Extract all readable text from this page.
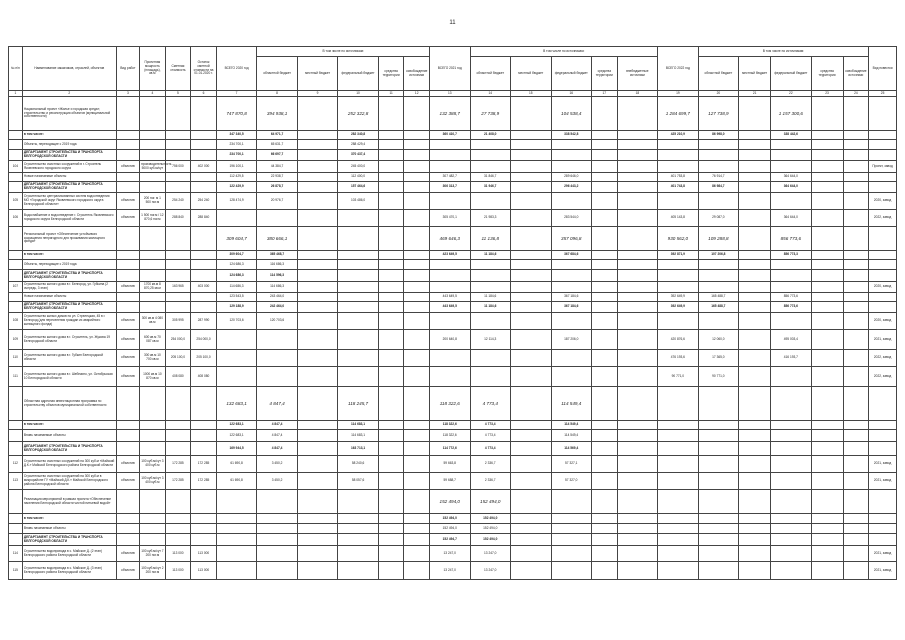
11
№ п/п	Наименование заказчиков, отраслей, объектов	Вид работ	Проектная мощность (площадь), кв.м	Сметная стоимость	Остаток сметной стоимости на 01.01.2020 г.	ВСЕГО 2020 год	В том числе по источникам:					ВСЕГО 2021 год	В том числе по источникам:					ВСЕГО 2022 год	В том числе по источникам:					Вид повестки
							областной бюджет	местный бюджет	федеральный бюджет	средства территории	освобождение источники		областной бюджет	местный бюджет	федеральный бюджет	средства территории	внебюджетные источники		областной бюджет	местный бюджет	федеральный бюджет	средства территории	освобождение источники	
1	2	3	4	5	6	7	8	9	10	11	12	13	14	15	16	17	18	19	20	21	22	23	24	25
	Национальный проект «Жилье и городская среда», строительство и реконструкция объектов (муниципальной собственности)					747 870,8	394 938,1		252 322,8			132 388,7	27 738,9		104 538,4			1 284 699,7	127 738,9		1 157 300,6			
	в том числе:					347 340,5	64 971,7		282 340,8			360 410,7	21 408,0		338 542,8			425 210,9	86 998,0		338 442,6			
	Объекты, переходящие с 2019 года					234 700,1	65 631,7		288 429,4															
	ДЕПАРТАМЕНТ СТРОИТЕЛЬСТВА И ТРАНСПОРТА БЕЛГОРОДСКОЙ ОБЛАСТИ					234 700,1	66 697,7		370 437,4															
104	Строительство очистных сооружений в г. Строитель Яковлевского городского округа	объектив	производительность 5000 куб.м/сут	756 000	402 000	196 100,1	44 384,7		245 400,0															Проект, завод
	Новые начинаемые объекты					112 429,5	22 938,7		112 400,0			307 482,7	31 846,7		289 646,0			401 753,8	76 914,7		364 644,0			
	ДЕПАРТАМЕНТ СТРОИТЕЛЬСТВА И ТРАНСПОРТА БЕЛГОРОДСКОЙ ОБЛАСТИ					122 429,9	26 878,7		157 464,6			306 313,7	31 946,7		296 443,2			401 743,8	86 984,7		364 644,0			
105	Строительство централизованных систем водоотведения МО «Городской округ Яковлевского городского округа Белгородской области»	объектив	200 пог. м 1 500 пог.м	254 240	254 240	128 474,9	20 976,7		103 486,0															2020, завод
106	Водоснабжение и водоотведение г. Строитель Яковлевского городского округа Белгородской области	объектив	1 500 пог.м / 12 870,6 пог.м	288 840	288 840							305 470,1	21 983,3		283 544,0			405 143,8	29 087,0		364 644,0			2022, завод
	Региональный проект «Обеспечение устойчивого сокращения непригодного для проживания жилищного фонда»					309 604,7	380 666,1					469 646,3	11 136,8		357 096,8			930 562,0	109 288,8		856 773,6			
	в том числе:					309 604,7	365 468,7					423 649,5	11 184,6		367 684,6			392 871,9	107 206,8		856 773,3			
	Объекты, переходящие с 2019 года					124 686,3	116 686,3																	
	ДЕПАРТАМЕНТ СТРОИТЕЛЬСТВА И ТРАНСПОРТА БЕЛГОРОДСКОЙ ОБЛАСТИ					124 686,3	114 596,3																	
107	Строительство жилого дома в г. Белгород, ул. Губкина (2 очередь, 3 этап)	объектив	1700 кв.м 8 870,25 кв.м	163 965	403 000	114 686,3	114 686,3																	2020, завод
	Новые начинаемые объекты					123 543,5	243 464,0					443 649,5	11 184,6		367 184,6			392 649,9	165 488,7		856 773,6			
	ДЕПАРТАМЕНТ СТРОИТЕЛЬСТВА И ТРАНСПОРТА БЕЛГОРОДСКОЙ ОБЛАСТИ					129 188,9	242 464,0					443 649,5	11 184,6		367 184,6			392 649,9	165 488,7		856 773,6			
108	Строительство жилых домов по ул. Стрелецкая, 45 в г. Белгород (для переселения граждан из аварийного жилищного фонда)	объектив	300 кв.м 4 080 кв.м	305 995	287 990	120 703,6	120 703,6																	2020, завод
109	Строительство жилого дома в г. Строитель, ул. Жукова 19 Белгородской области	объектив	600 кв.м 70 087 кв.м	254 000,0	254 000,0							200 640,8	12 114,3		187 206,0			420 876,6	12 060,0		495 003,4			2021, завод
110	Строительство жилого дома в г. Губкин Белгородской области	объектив	300 кв.м 10 700 кв.м	205 100,0	205 100,0													476 193,6	17 365,0		416 193,7			2022, завод
111	Строительство жилого дома в г. Шебекино, ул. Октябрьская 10 Белгородской области	объектив	1000 кв.м 10 870 кв.м	408 080	408 080													90 771,0	90 771,0					2022, завод
	Областная адресная инвестиционная программа по строительству объектов муниципальной собственности					132 683,1	4 847,4		118 245,7			118 322,6	4 773,4		114 549,4									
	в том числе:					122 683,1	4 847,4		114 683,1			118 322,6	4 773,4		114 549,4									
	Вновь начинаемые объекты					122 683,1	4 847,4		114 683,1			118 322,6	4 773,4		114 549,4									
	ДЕПАРТАМЕНТ СТРОИТЕЛЬСТВА И ТРАНСПОРТА БЕЛГОРОДСКОЙ ОБЛАСТИ					169 944,5	4 847,4		163 713,1			114 772,6	4 773,4		114 569,4									
112	Строительство очистных сооружений на 300 куб.м «Майский Д.К.» Майской Белгородского района Белгородской области	объектив	100 куб.м/сут 3 400 куб.м	172 285	172 285	61 690,8	3 450,2		58 240,6			59 663,8	2 336,7		57 327,1									2021, завод
113	Строительство очистных сооружений на 300 куб.м в микрорайоне ГУ «Майский Д.К.» Майской Белгородского района Белгородской области	объектив	100 куб.м/сут 3 400 куб.м	172 285	172 285	61 690,8	3 450,2		58 057,6			59 688,7	2 336,7		57 327,0									2021, завод
	Реализация мероприятий в рамках проекта «Обеспечение населения Белгородской области чистой питьевой водой»											152 494,0	152 494,0											
	в том числе:											152 494,0	152 494,0											
	Вновь начинаемые объекты											152 494,0	152 494,0											
	ДЕПАРТАМЕНТ СТРОИТЕЛЬСТВА И ТРАНСПОРТА БЕЛГОРОДСКОЙ ОБЛАСТИ											152 494,7	152 494,0											
114	Строительство водопровода в с. Майское Д. (2 этап) Белгородского района Белгородской области	объектив	100 куб.м/сут 7 200 пог.м	113 000	113 000							13 247,0	13 247,0											2021, завод
115	Строительство водопровода в с. Майское Д. (3 этап) Белгородского района Белгородской области	объектив	100 куб.м/сут 2 200 пог.м	113 000	113 000							13 247,0	13 247,0											2021, завод
